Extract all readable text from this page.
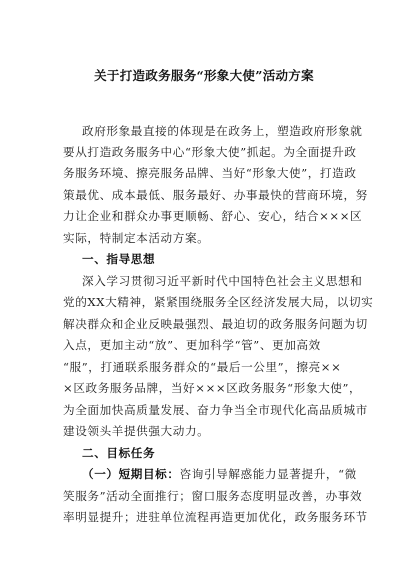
关于打造政务服务“形象大使”活动方案
政府形象最直接的体现是在政务上，塑造政府形象就
要从打造政务服务中心“形象大使”抓起。为全面提升政
务服务环境、擦亮服务品牌、当好“形象大使”，打造政
策最优、成本最低、服务最好、办事最快的营商环境，努
力让企业和群众办事更顺畅、舒心、安心，结合×××区
实际，特制定本活动方案。
一、指导思想
深入学习贯彻习近平新时代中国特色社会主义思想和
党的XX大精神，紧紧围绕服务全区经济发展大局，以切实
解决群众和企业反映最强烈、最迫切的政务服务问题为切
入点，更加主动“放”、更加科学“管”、更加高效
“服”，打通联系服务群众的“最后一公里”，擦亮××
×区政务服务品牌，当好×××区政务服务“形象大使”，
为全面加快高质量发展、奋力争当全市现代化高品质城市
建设领头羊提供强大动力。
二、目标任务
（一）短期目标：咨询引导解惑能力显著提升，“微
笑服务”活动全面推行；窗口服务态度明显改善，办事效
率明显提升；进驻单位流程再造更加优化，政务服务环节
